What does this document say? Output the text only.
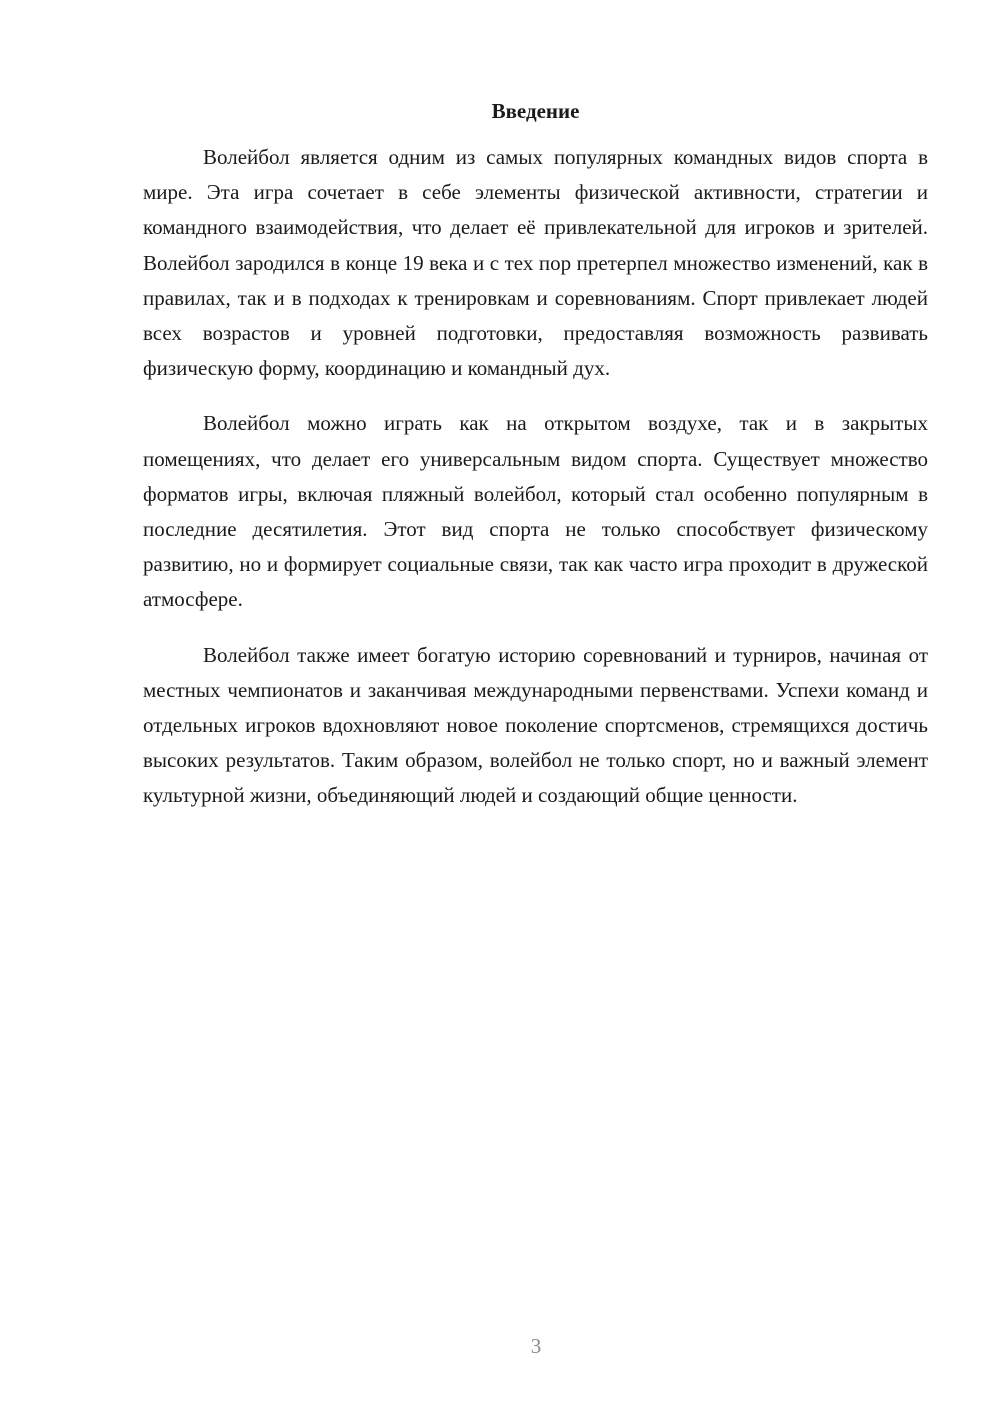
Введение

Волейбол является одним из самых популярных командных видов спорта в мире. Эта игра сочетает в себе элементы физической активности, стратегии и командного взаимодействия, что делает её привлекательной для игроков и зрителей. Волейбол зародился в конце 19 века и с тех пор претерпел множество изменений, как в правилах, так и в подходах к тренировкам и соревнованиям. Спорт привлекает людей всех возрастов и уровней подготовки, предоставляя возможность развивать физическую форму, координацию и командный дух.

Волейбол можно играть как на открытом воздухе, так и в закрытых помещениях, что делает его универсальным видом спорта. Существует множество форматов игры, включая пляжный волейбол, который стал особенно популярным в последние десятилетия. Этот вид спорта не только способствует физическому развитию, но и формирует социальные связи, так как часто игра проходит в дружеской атмосфере.

Волейбол также имеет богатую историю соревнований и турниров, начиная от местных чемпионатов и заканчивая международными первенствами. Успехи команд и отдельных игроков вдохновляют новое поколение спортсменов, стремящихся достичь высоких результатов. Таким образом, волейбол не только спорт, но и важный элемент культурной жизни, объединяющий людей и создающий общие ценности.

3
